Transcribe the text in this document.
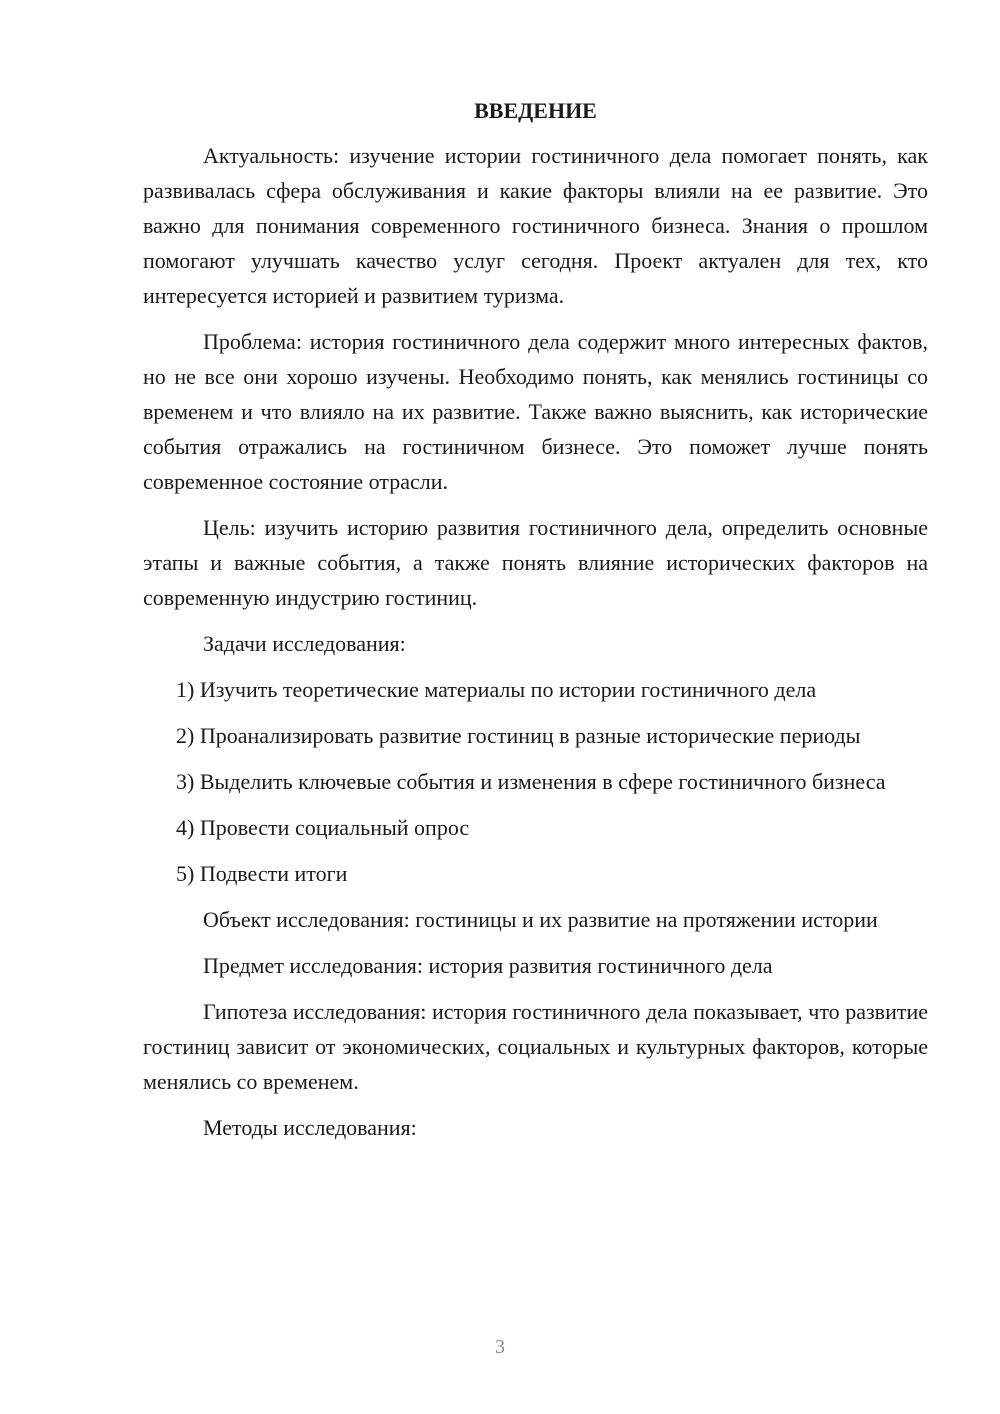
ВВЕДЕНИЕ

Актуальность: изучение истории гостиничного дела помогает понять, как развивалась сфера обслуживания и какие факторы влияли на ее развитие. Это важно для понимания современного гостиничного бизнеса. Знания о прошлом помогают улучшать качество услуг сегодня. Проект актуален для тех, кто интересуется историей и развитием туризма.

Проблема: история гостиничного дела содержит много интересных фактов, но не все они хорошо изучены. Необходимо понять, как менялись гостиницы со временем и что влияло на их развитие. Также важно выяснить, как исторические события отражались на гостиничном бизнесе. Это поможет лучше понять современное состояние отрасли.

Цель: изучить историю развития гостиничного дела, определить основные этапы и важные события, а также понять влияние исторических факторов на современную индустрию гостиниц.

Задачи исследования:

1) Изучить теоретические материалы по истории гостиничного дела

2) Проанализировать развитие гостиниц в разные исторические периоды

3) Выделить ключевые события и изменения в сфере гостиничного бизнеса

4) Провести социальный опрос

5) Подвести итоги

Объект исследования: гостиницы и их развитие на протяжении истории

Предмет исследования: история развития гостиничного дела

Гипотеза исследования: история гостиничного дела показывает, что развитие гостиниц зависит от экономических, социальных и культурных факторов, которые менялись со временем.

Методы исследования:

3
